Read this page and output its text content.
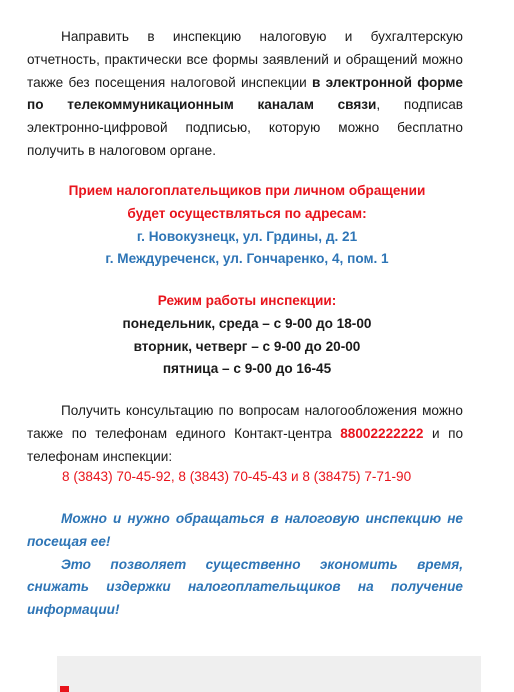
Направить в инспекцию налоговую и бухгалтерскую отчетность, практически все формы заявлений и обращений можно также без посещения налоговой инспекции в электронной форме по телекоммуникационным каналам связи, подписав электронно-цифровой подписью, которую можно бесплатно получить в налоговом органе.

Прием налогоплательщиков при личном обращении
будет осуществляться по адресам:
г. Новокузнецк, ул. Грдины, д. 21
г. Междуреченск, ул. Гончаренко, 4, пом. 1
Режим работы инспекции:
понедельник, среда – с 9-00 до 18-00
вторник, четверг – с 9-00 до 20-00
пятница – с 9-00 до 16-45

Получить консультацию по вопросам налогообложения можно также по телефонам единого Контакт-центра 88002222222 и по телефонам инспекции:

8 (3843) 70-45-92, 8 (3843) 70-45-43 и 8 (38475) 7-71-90

Можно и нужно обращаться в налоговую инспекцию не посещая ее!

Это позволяет существенно экономить время, снижать издержки налогоплательщиков на получение информации!
